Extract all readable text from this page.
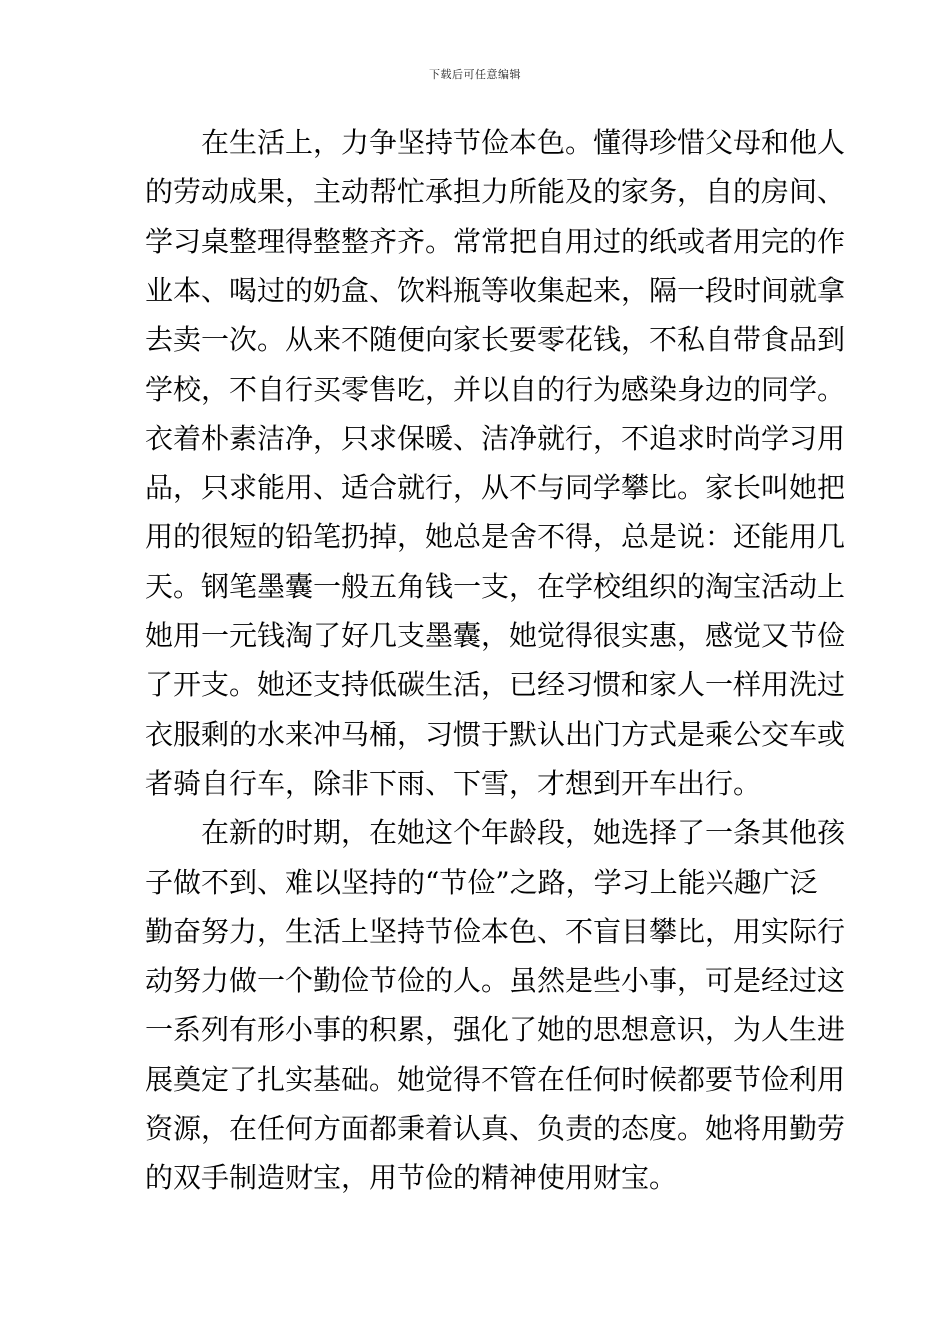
下载后可任意编辑
在生活上，力争坚持节俭本色。懂得珍惜父母和他人
的劳动成果，主动帮忙承担力所能及的家务，自的房间、
学习桌整理得整整齐齐。常常把自用过的纸或者用完的作
业本、喝过的奶盒、饮料瓶等收集起来，隔一段时间就拿
去卖一次。从来不随便向家长要零花钱，不私自带食品到
学校，不自行买零售吃，并以自的行为感染身边的同学。
衣着朴素洁净，只求保暖、洁净就行，不追求时尚学习用
品，只求能用、适合就行，从不与同学攀比。家长叫她把
用的很短的铅笔扔掉，她总是舍不得，总是说：还能用几
天。钢笔墨囊一般五角钱一支，在学校组织的淘宝活动上
她用一元钱淘了好几支墨囊，她觉得很实惠，感觉又节俭
了开支。她还支持低碳生活，已经习惯和家人一样用洗过
衣服剩的水来冲马桶，习惯于默认出门方式是乘公交车或
者骑自行车，除非下雨、下雪，才想到开车出行。
在新的时期，在她这个年龄段，她选择了一条其他孩
子做不到、难以坚持的“节俭”之路，学习上能兴趣广泛
勤奋努力，生活上坚持节俭本色、不盲目攀比，用实际行
动努力做一个勤俭节俭的人。虽然是些小事，可是经过这
一系列有形小事的积累，强化了她的思想意识，为人生进
展奠定了扎实基础。她觉得不管在任何时候都要节俭利用
资源，在任何方面都秉着认真、负责的态度。她将用勤劳
的双手制造财宝，用节俭的精神使用财宝。
